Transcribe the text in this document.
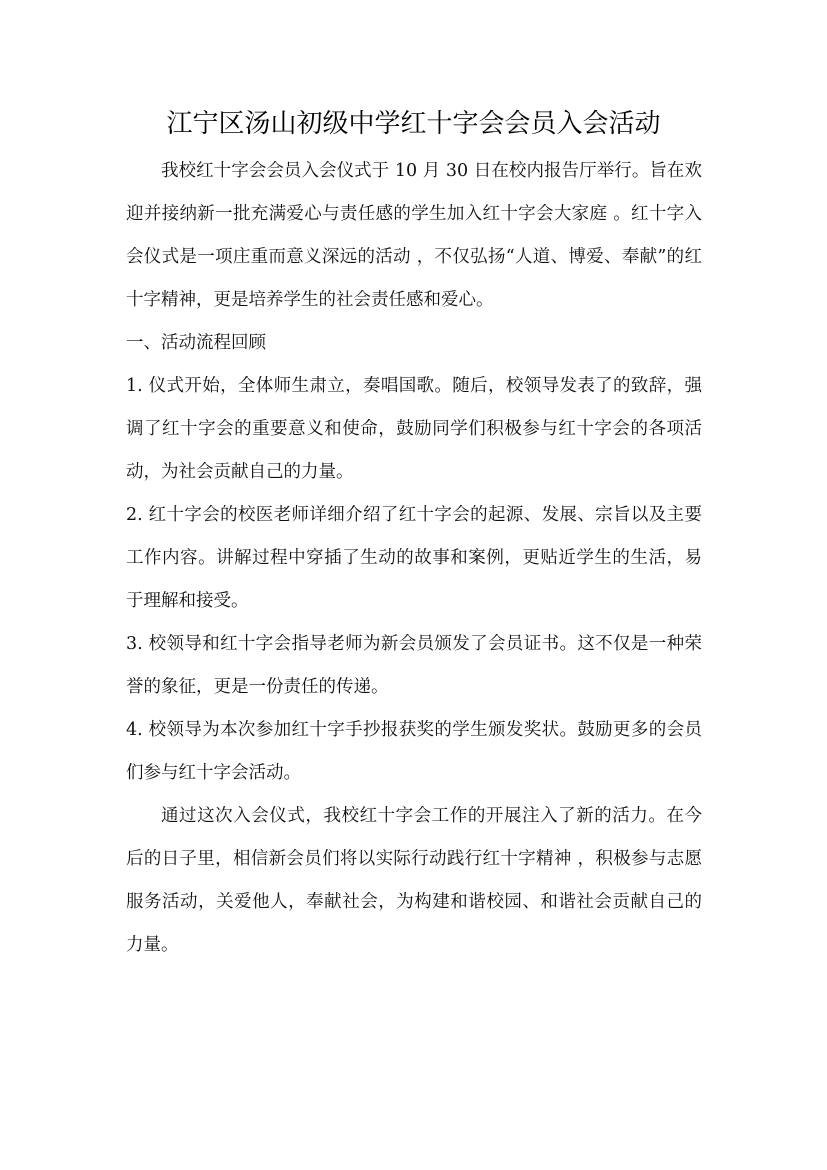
江宁区汤山初级中学红十字会会员入会活动

我校红十字会会员入会仪式于 10 月 30 日在校内报告厅举行。旨在欢迎并接纳新一批充满爱心与责任感的学生加入红十字会大家庭 。红十字入会仪式是一项庄重而意义深远的活动 ，不仅弘扬“人道、博爱、奉献”的红十字精神，更是培养学生的社会责任感和爱心。

一、活动流程回顾

1. 仪式开始，全体师生肃立，奏唱国歌。随后，校领导发表了的致辞，强调了红十字会的重要意义和使命，鼓励同学们积极参与红十字会的各项活动，为社会贡献自己的力量。

2. 红十字会的校医老师详细介绍了红十字会的起源、发展、宗旨以及主要工作内容。讲解过程中穿插了生动的故事和案例，更贴近学生的生活，易于理解和接受。

3. 校领导和红十字会指导老师为新会员颁发了会员证书。这不仅是一种荣誉的象征，更是一份责任的传递。

4. 校领导为本次参加红十字手抄报获奖的学生颁发奖状。鼓励更多的会员们参与红十字会活动。

通过这次入会仪式，我校红十字会工作的开展注入了新的活力。在今后的日子里，相信新会员们将以实际行动践行红十字精神 ，积极参与志愿服务活动，关爱他人，奉献社会，为构建和谐校园、和谐社会贡献自己的力量。
